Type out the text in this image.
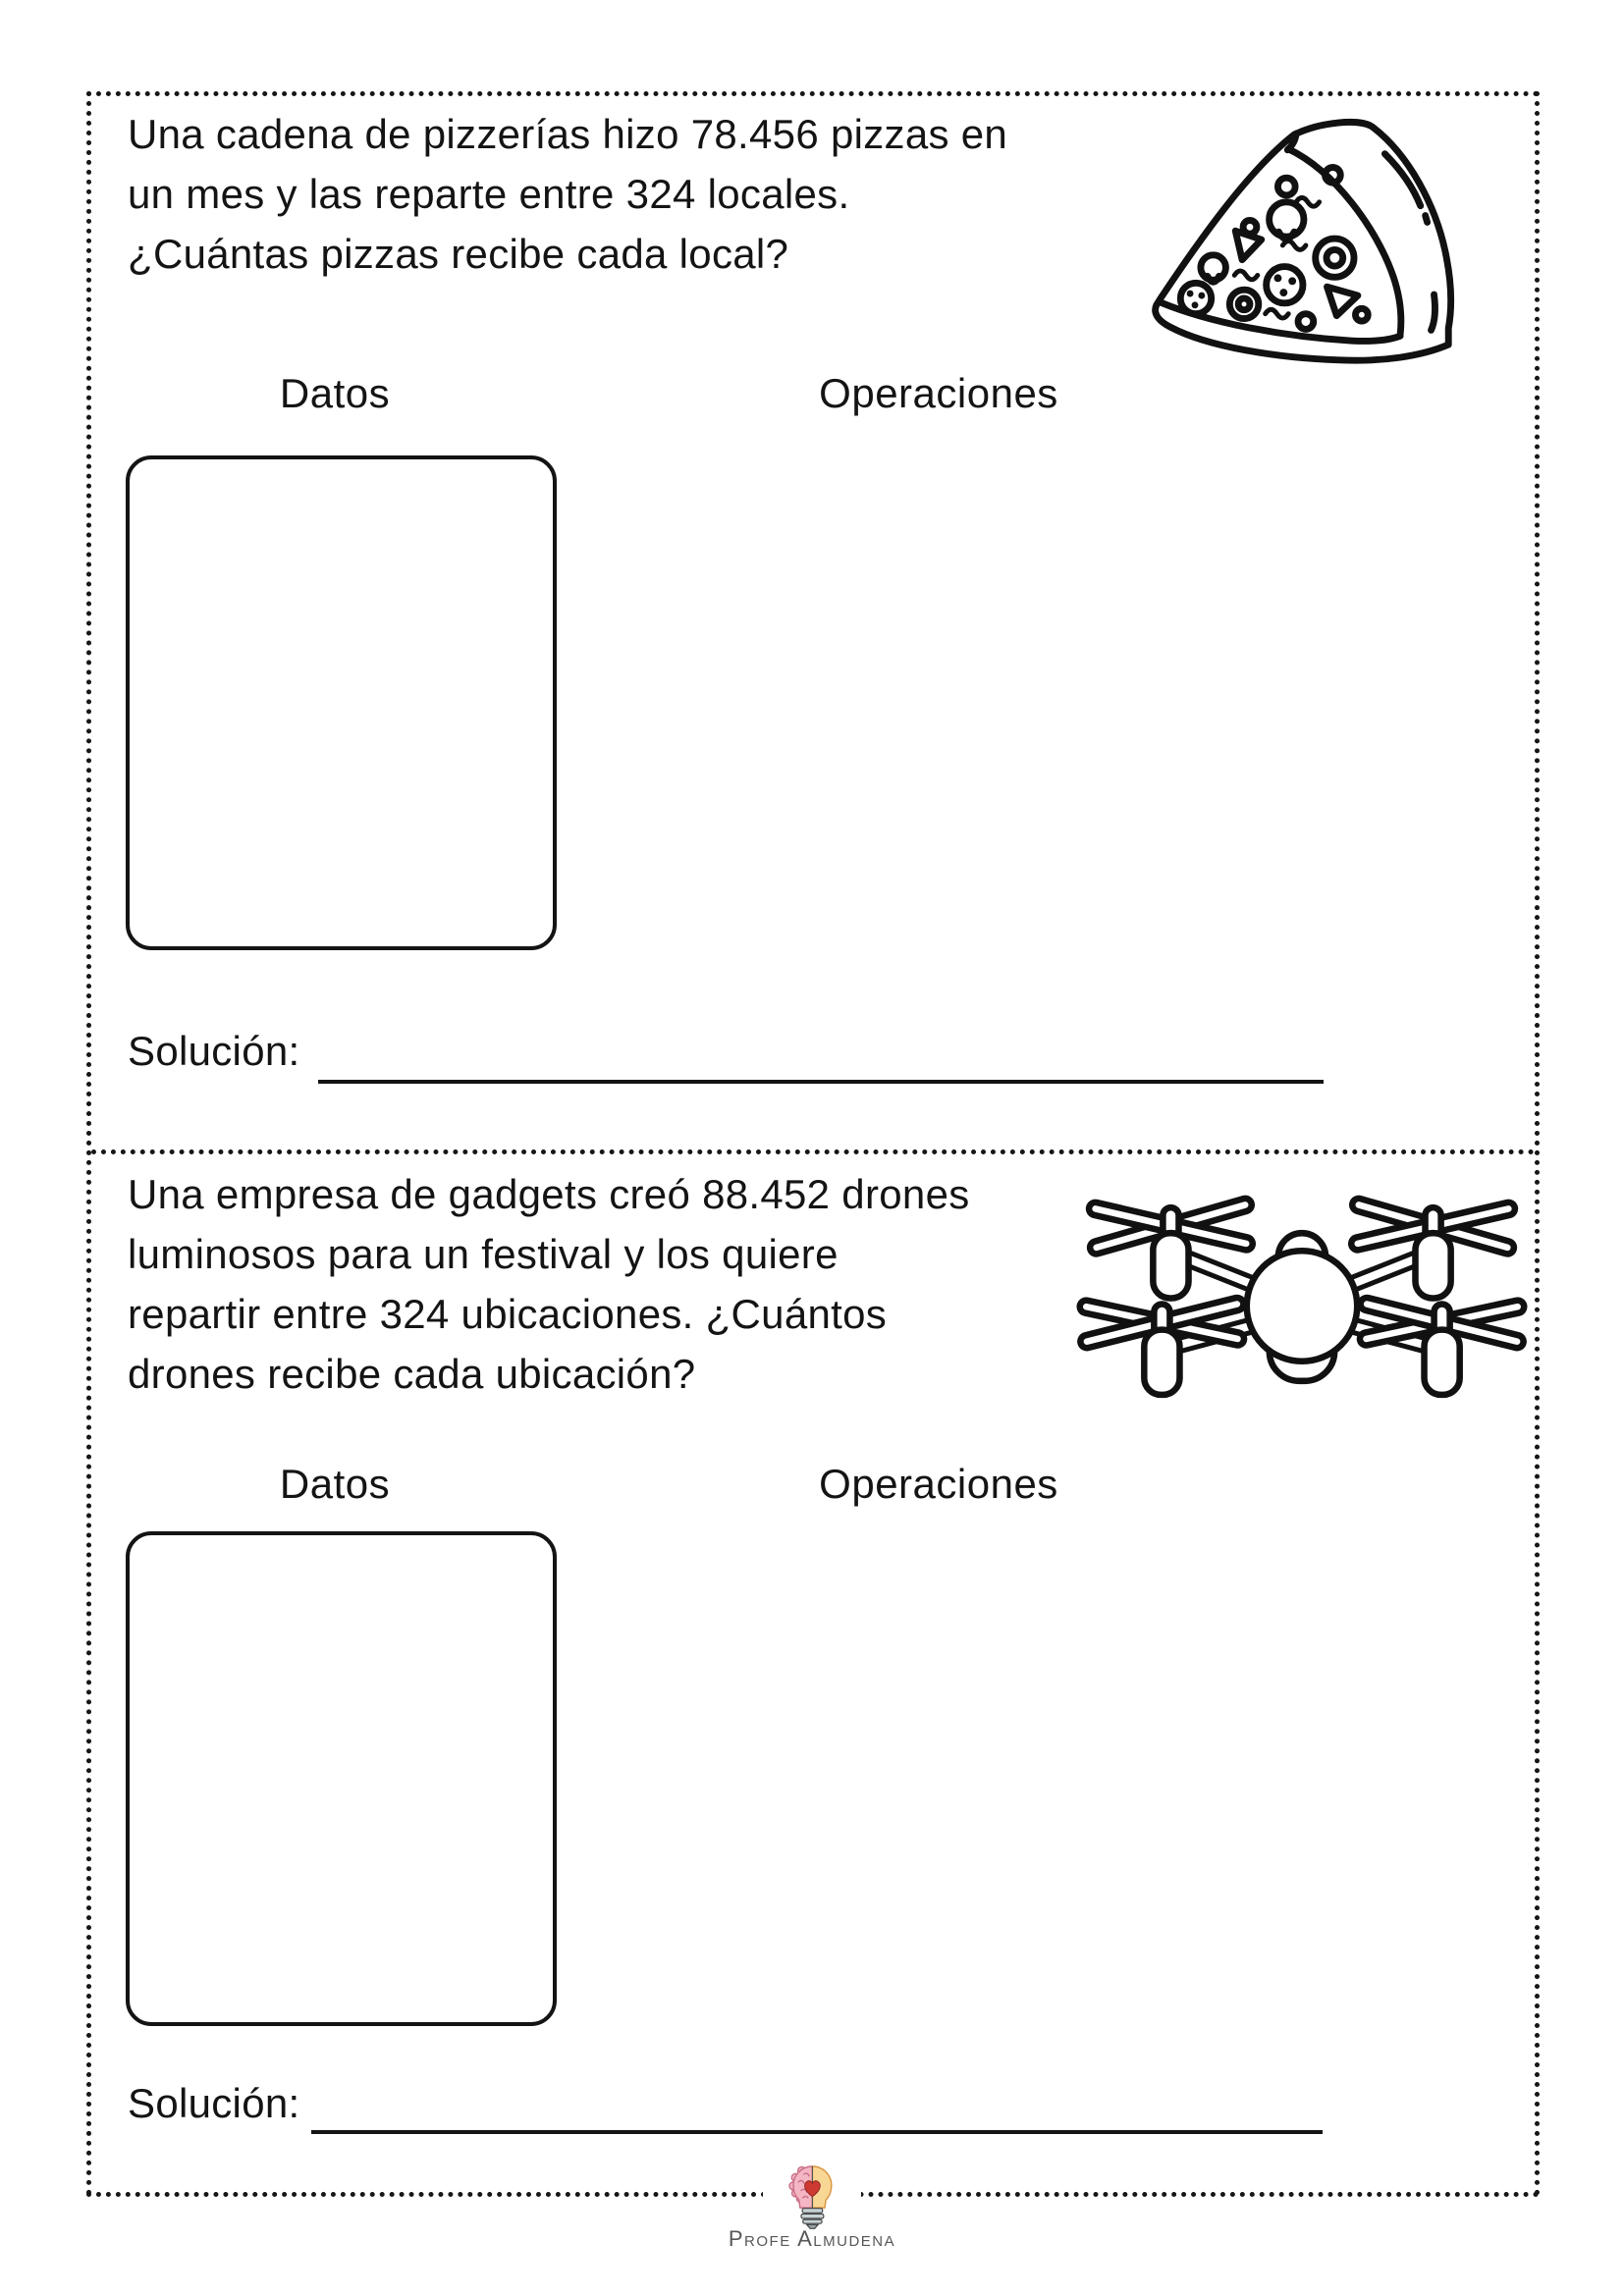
Una cadena de pizzerías hizo 78.456 pizzas en
un mes y las reparte entre 324 locales.
¿Cuántas pizzas recibe cada local?
Datos	Operaciones
Solución:
Una empresa de gadgets creó 88.452 drones
luminosos para un festival y los quiere
repartir entre 324 ubicaciones. ¿Cuántos
drones recibe cada ubicación?
Datos	Operaciones
Solución:
Profe Almudena
